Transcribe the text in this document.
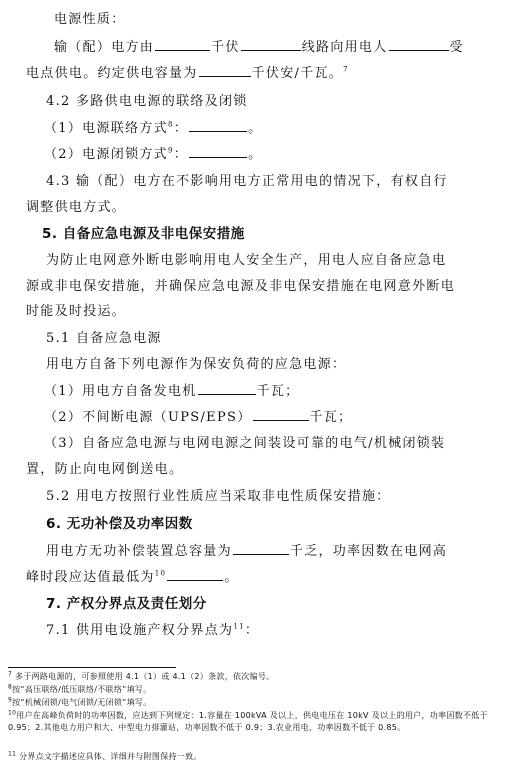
电源性质：
输（配）电方由	千伏	线路向用电人	受
电点供电。约定供电容量为	千伏安/千瓦。$^7$
4.2 多路供电电源的联络及闭锁
（1）电源联络方式$^8$：	。
（2）电源闭锁方式$^9$：	。
4.3 输（配）电方在不影响用电方正常用电的情况下，有权自行
调整供电方式。
5. 自备应急电源及非电保安措施
为防止电网意外断电影响用电人安全生产，用电人应自备应急电
源或非电保安措施，并确保应急电源及非电保安措施在电网意外断电
时能及时投运。
5.1 自备应急电源
用电方自备下列电源作为保安负荷的应急电源：
（1）用电方自备发电机	千瓦；
（2）不间断电源（UPS/EPS）	千瓦；
（3）自备应急电源与电网电源之间装设可靠的电气/机械闭锁装
置，防止向电网倒送电。
5.2 用电方按照行业性质应当采取非电性质保安措施：
6. 无功补偿及功率因数
用电方无功补偿装置总容量为	千乏，功率因数在电网高
峰时段应达值最低为$^{10}$	。
7. 产权分界点及责任划分
7.1 供用电设施产权分界点为$^{11}$：
$^7$ 多于两路电源的，可参照使用 4.1（1）或 4.1（2）条款，依次编号。
$^8$按“高压联络/低压联络/不联络”填写。
$^9$按“机械闭锁/电气闭锁/无闭锁”填写。
$^{10}$用户在高峰负荷时的功率因数，应达到下列规定：1.容量在 100kVA 及以上，供电电压在 10kV 及以上的用户，功率因数不低于 0.95；2.其他电力用户和大、中型电力排灌站，功率因数不低于 0.9；3.农业用电，功率因数不低于 0.85。
$^{11}$ 分界点文字描述应具体、详细并与附图保持一致。
